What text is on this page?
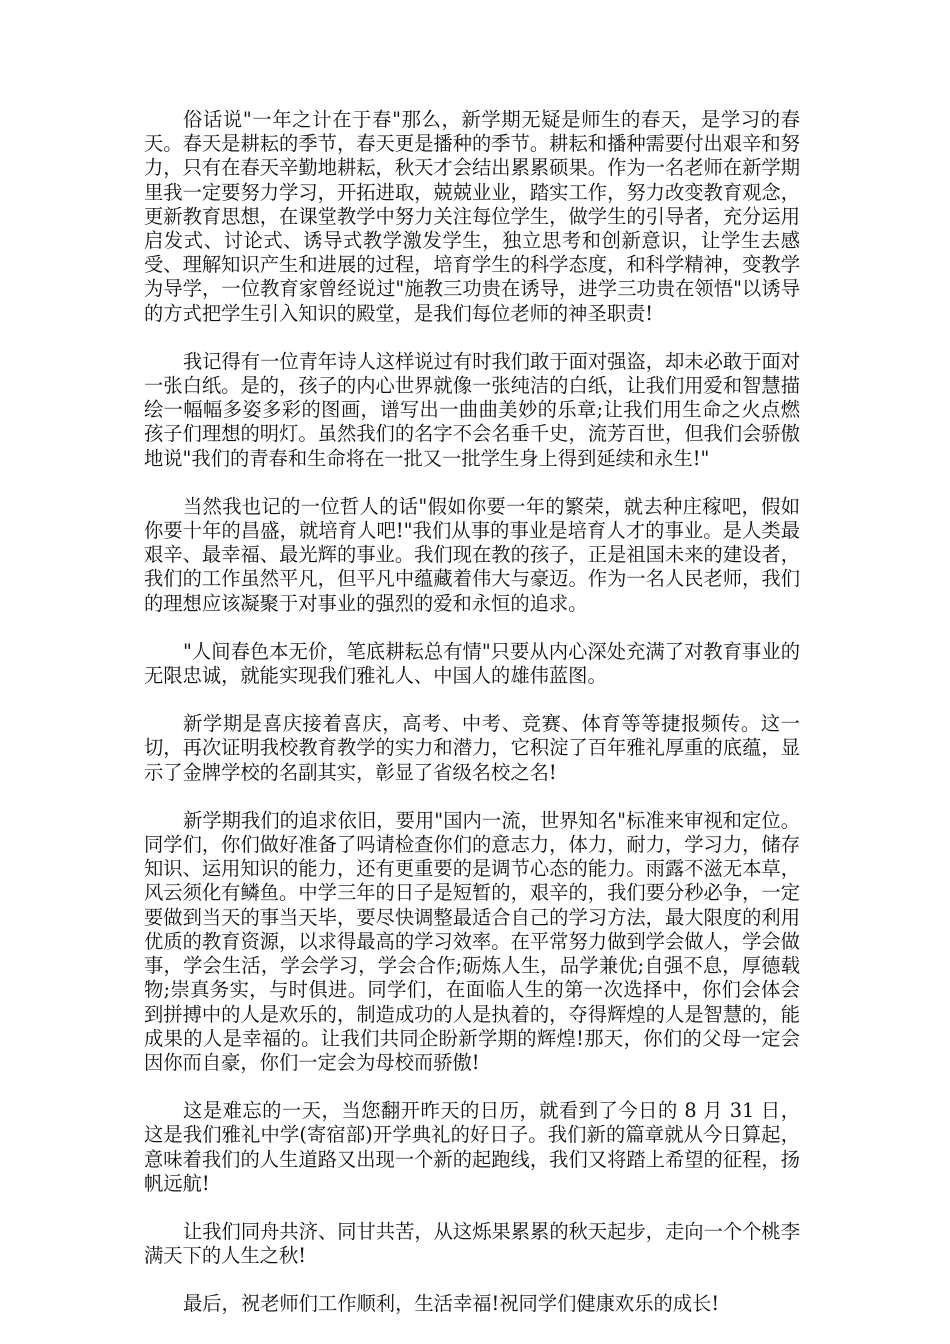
俗话说"一年之计在于春"那么，新学期无疑是师生的春天，是学习的春天。春天是耕耘的季节，春天更是播种的季节。耕耘和播种需要付出艰辛和努力，只有在春天辛勤地耕耘，秋天才会结出累累硕果。作为一名老师在新学期里我一定要努力学习，开拓进取，兢兢业业，踏实工作，努力改变教育观念，更新教育思想，在课堂教学中努力关注每位学生，做学生的引导者，充分运用启发式、讨论式、诱导式教学激发学生，独立思考和创新意识，让学生去感受、理解知识产生和进展的过程，培育学生的科学态度，和科学精神，变教学为导学，一位教育家曾经说过"施教三功贵在诱导，进学三功贵在领悟"以诱导的方式把学生引入知识的殿堂，是我们每位老师的神圣职责!

我记得有一位青年诗人这样说过有时我们敢于面对强盗，却未必敢于面对一张白纸。是的，孩子的内心世界就像一张纯洁的白纸，让我们用爱和智慧描绘一幅幅多姿多彩的图画，谱写出一曲曲美妙的乐章;让我们用生命之火点燃孩子们理想的明灯。虽然我们的名字不会名垂千史，流芳百世，但我们会骄傲地说"我们的青春和生命将在一批又一批学生身上得到延续和永生!"

当然我也记的一位哲人的话"假如你要一年的繁荣，就去种庄稼吧，假如你要十年的昌盛，就培育人吧!"我们从事的事业是培育人才的事业。是人类最艰辛、最幸福、最光辉的事业。我们现在教的孩子，正是祖国未来的建设者，我们的工作虽然平凡，但平凡中蕴藏着伟大与豪迈。作为一名人民老师，我们的理想应该凝聚于对事业的强烈的爱和永恒的追求。

"人间春色本无价，笔底耕耘总有情"只要从内心深处充满了对教育事业的无限忠诚，就能实现我们雅礼人、中国人的雄伟蓝图。

新学期是喜庆接着喜庆，高考、中考、竞赛、体育等等捷报频传。这一切，再次证明我校教育教学的实力和潜力，它积淀了百年雅礼厚重的底蕴，显示了金牌学校的名副其实，彰显了省级名校之名!

新学期我们的追求依旧，要用"国内一流，世界知名"标准来审视和定位。同学们，你们做好准备了吗请检查你们的意志力，体力，耐力，学习力，储存知识、运用知识的能力，还有更重要的是调节心态的能力。雨露不滋无本草，风云须化有鳞鱼。中学三年的日子是短暂的，艰辛的，我们要分秒必争，一定要做到当天的事当天毕，要尽快调整最适合自己的学习方法，最大限度的利用优质的教育资源，以求得最高的学习效率。在平常努力做到学会做人，学会做事，学会生活，学会学习，学会合作;砺炼人生，品学兼优;自强不息，厚德载物;崇真务实，与时俱进。同学们，在面临人生的第一次选择中，你们会体会到拼搏中的人是欢乐的，制造成功的人是执着的，夺得辉煌的人是智慧的，能成果的人是幸福的。让我们共同企盼新学期的辉煌!那天，你们的父母一定会因你而自豪，你们一定会为母校而骄傲!

这是难忘的一天，当您翻开昨天的日历，就看到了今日的 8 月 31 日，这是我们雅礼中学(寄宿部)开学典礼的好日子。我们新的篇章就从今日算起，意味着我们的人生道路又出现一个新的起跑线，我们又将踏上希望的征程，扬帆远航!

让我们同舟共济、同甘共苦，从这烁果累累的秋天起步，走向一个个桃李满天下的人生之秋!

最后，祝老师们工作顺利，生活幸福!祝同学们健康欢乐的成长!
